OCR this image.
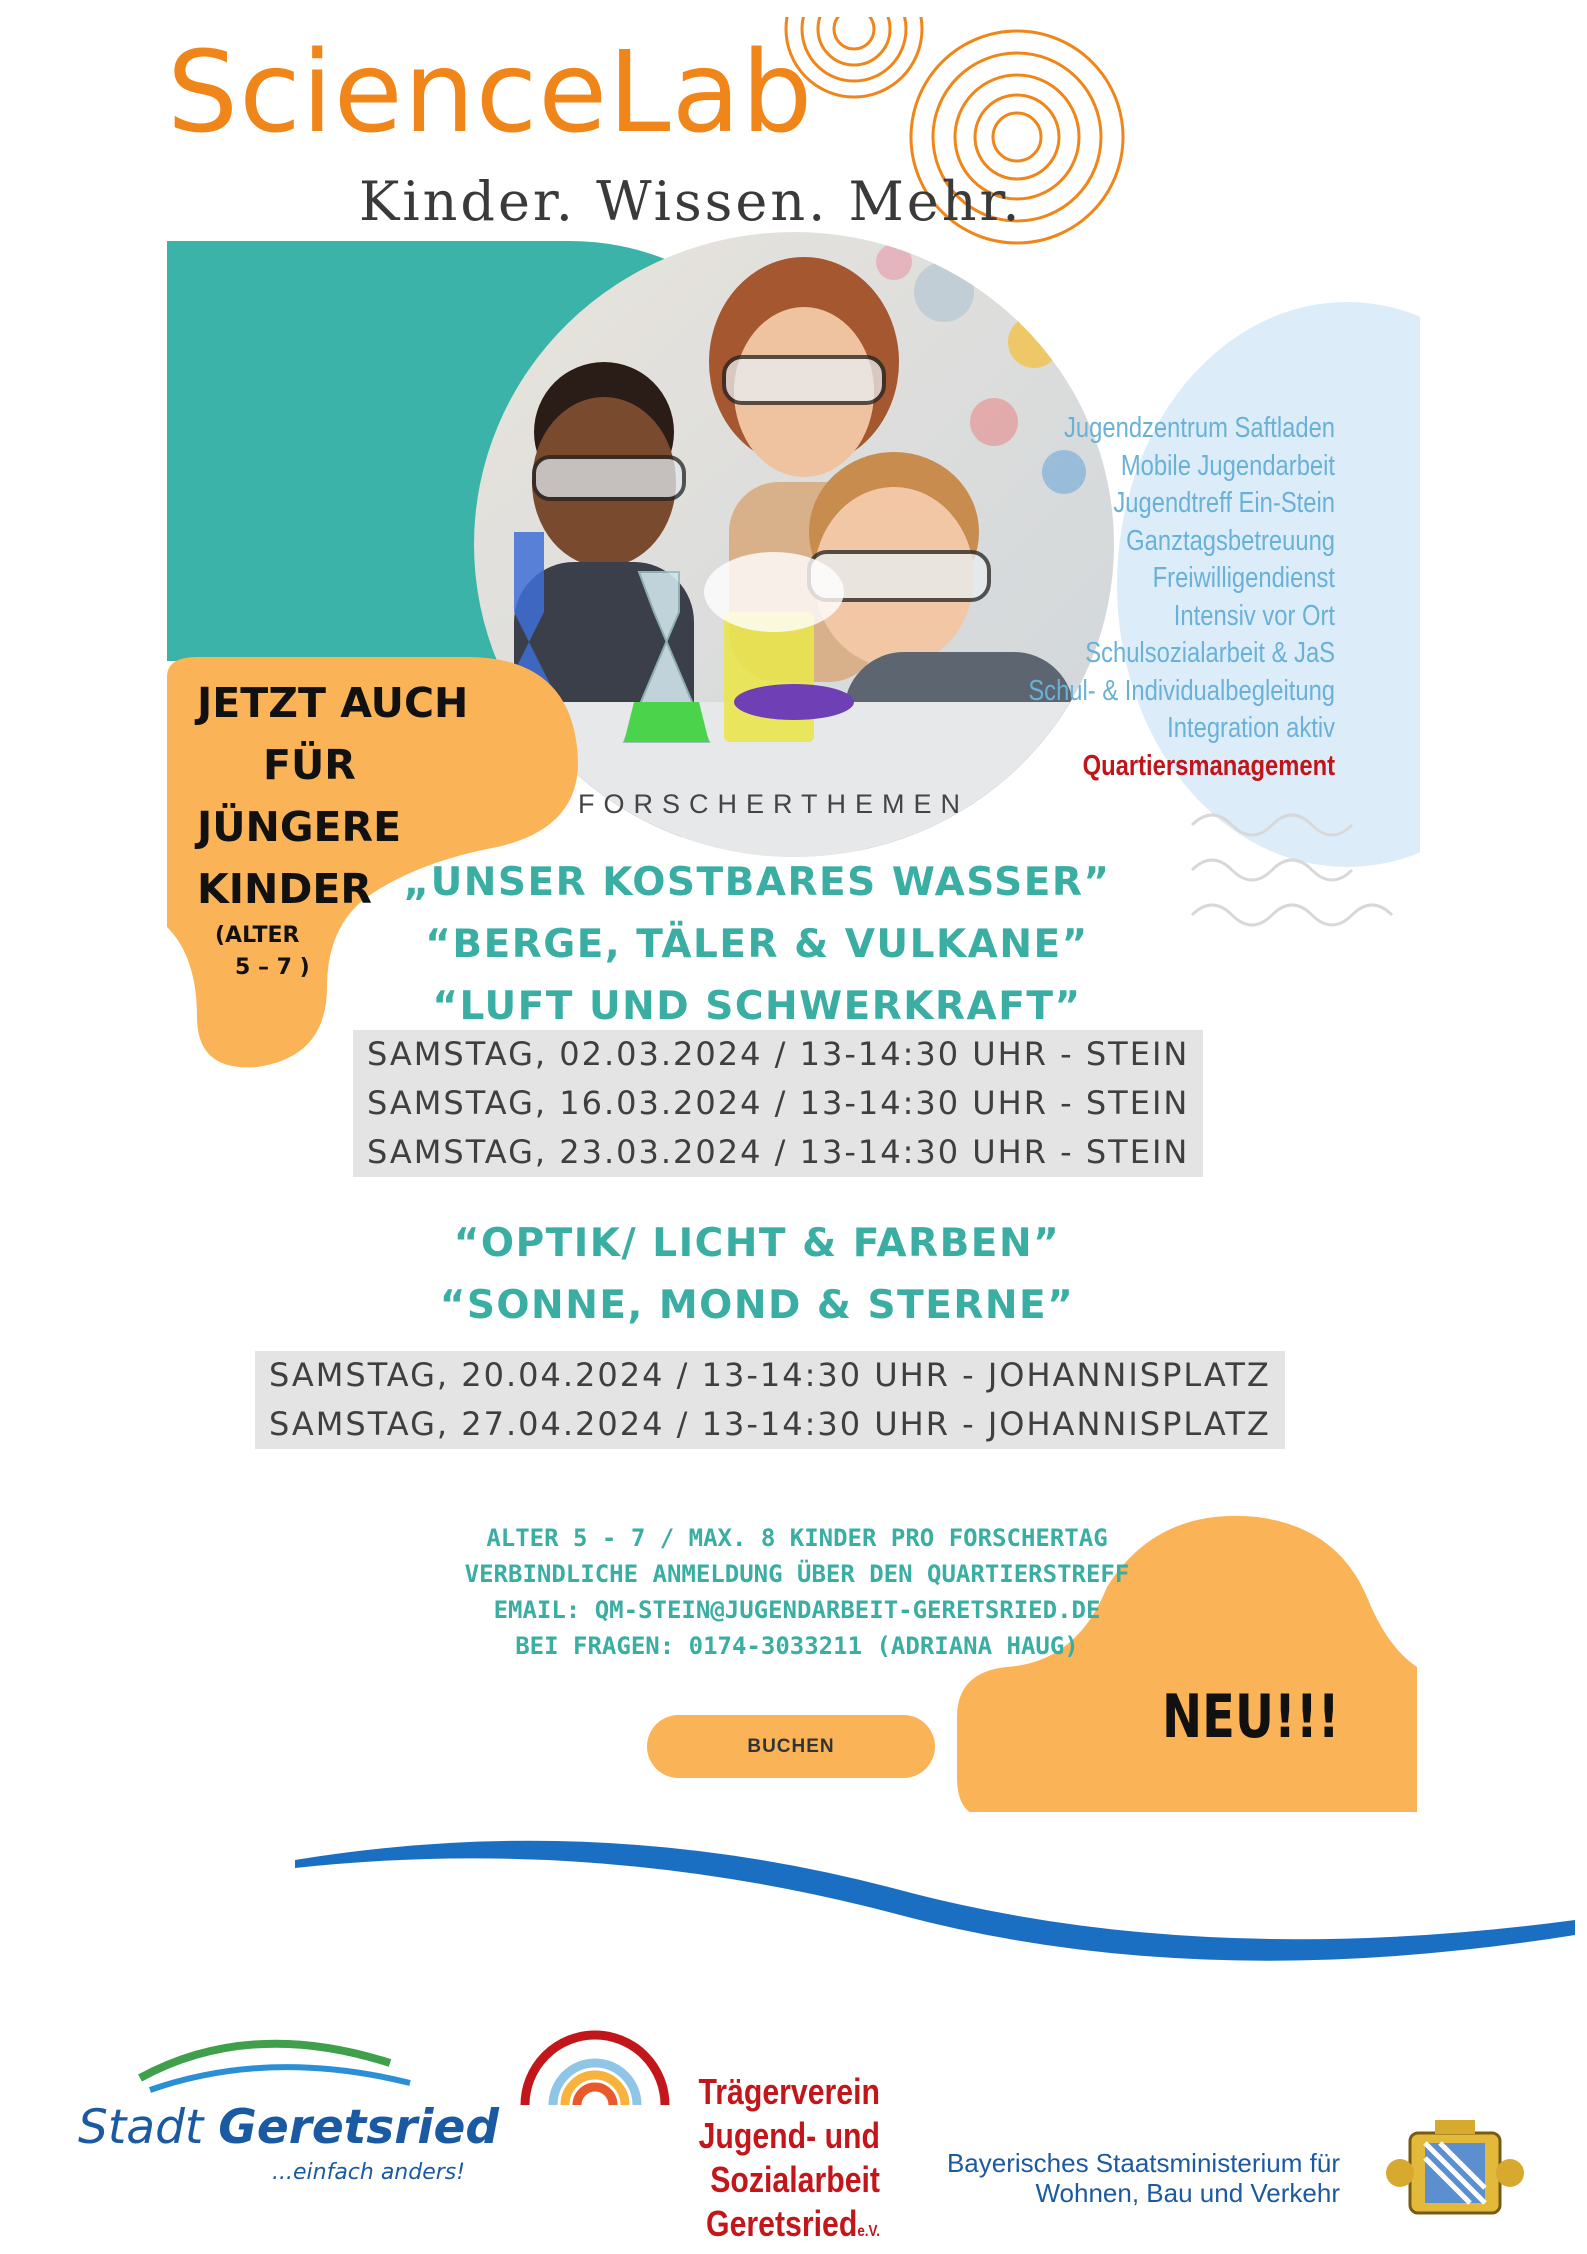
ScienceLab
Kinder. Wissen. Mehr.
Jugendzentrum Saftladen
Mobile Jugendarbeit
Jugendtreff Ein-Stein
Ganztagsbetreuung
Freiwilligendienst
Intensiv vor Ort
Schulsozialarbeit & JaS
Schul- & Individualbegleitung
Integration aktiv
Quartiersmanagement
JETZT AUCH
FÜR
JÜNGERE
KINDER
(ALTER
5 – 7 )
FORSCHERTHEMEN
„UNSER KOSTBARES WASSER”
“BERGE, TÄLER & VULKANE”
“LUFT UND SCHWERKRAFT”
SAMSTAG, 02.03.2024 / 13-14:30 UHR - STEIN
SAMSTAG, 16.03.2024 / 13-14:30 UHR - STEIN
SAMSTAG, 23.03.2024 / 13-14:30 UHR - STEIN
“OPTIK/ LICHT & FARBEN”
“SONNE, MOND & STERNE”
SAMSTAG, 20.04.2024 / 13-14:30 UHR - JOHANNISPLATZ
SAMSTAG, 27.04.2024 / 13-14:30 UHR - JOHANNISPLATZ
ALTER 5 - 7 / MAX. 8 KINDER PRO FORSCHERTAG
VERBINDLICHE ANMELDUNG ÜBER DEN QUARTIERSTREFF
EMAIL: QM-STEIN@JUGENDARBEIT-GERETSRIED.DE
BEI FRAGEN: 0174-3033211 (ADRIANA HAUG)
BUCHEN	NEU!!!
Stadt Geretsried
...einfach anders!
Trägerverein
Jugend- und Sozialarbeit
Geretsriede.V.
Bayerisches Staatsministerium für
Wohnen, Bau und Verkehr
